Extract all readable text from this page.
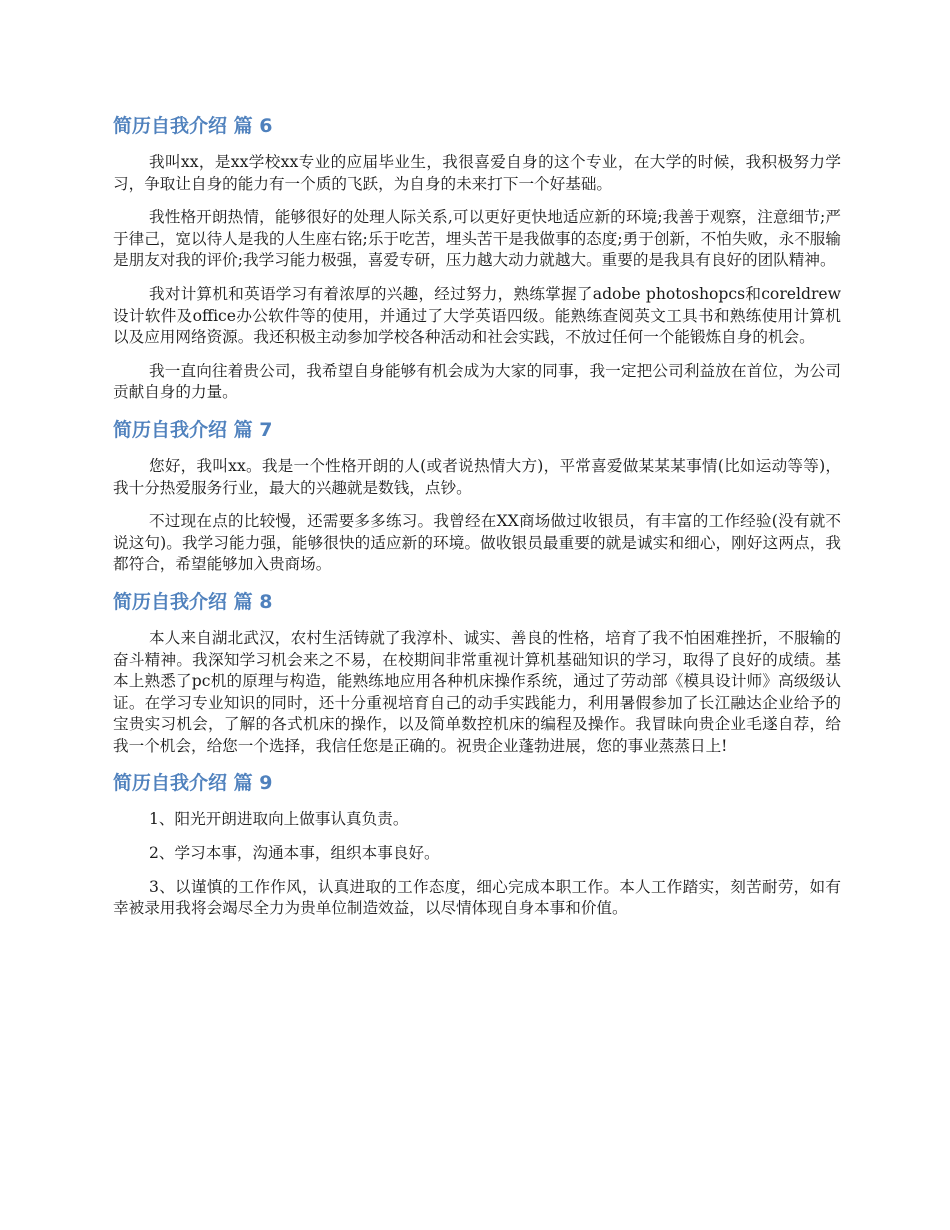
简历自我介绍 篇 6

我叫xx，是xx学校xx专业的应届毕业生，我很喜爱自身的这个专业，在大学的时候，我积极努力学习，争取让自身的能力有一个质的飞跃，为自身的未来打下一个好基础。

我性格开朗热情，能够很好的处理人际关系,可以更好更快地适应新的环境;我善于观察，注意细节;严于律己，宽以待人是我的人生座右铭;乐于吃苦，埋头苦干是我做事的态度;勇于创新，不怕失败，永不服输是朋友对我的评价;我学习能力极强，喜爱专研，压力越大动力就越大。重要的是我具有良好的团队精神。

我对计算机和英语学习有着浓厚的兴趣，经过努力，熟练掌握了adobe photoshopcs和coreldrew设计软件及office办公软件等的使用，并通过了大学英语四级。能熟练查阅英文工具书和熟练使用计算机以及应用网络资源。我还积极主动参加学校各种活动和社会实践，不放过任何一个能锻炼自身的机会。

我一直向往着贵公司，我希望自身能够有机会成为大家的同事，我一定把公司利益放在首位，为公司贡献自身的力量。

简历自我介绍 篇 7

您好，我叫xx。我是一个性格开朗的人(或者说热情大方)，平常喜爱做某某某事情(比如运动等等)，我十分热爱服务行业，最大的兴趣就是数钱，点钞。

不过现在点的比较慢，还需要多多练习。我曾经在XX商场做过收银员，有丰富的工作经验(没有就不说这句)。我学习能力强，能够很快的适应新的环境。做收银员最重要的就是诚实和细心，刚好这两点，我都符合，希望能够加入贵商场。

简历自我介绍 篇 8

本人来自湖北武汉，农村生活铸就了我淳朴、诚实、善良的性格，培育了我不怕困难挫折，不服输的奋斗精神。我深知学习机会来之不易，在校期间非常重视计算机基础知识的学习，取得了良好的成绩。基本上熟悉了pc机的原理与构造，能熟练地应用各种机床操作系统，通过了劳动部《模具设计师》高级级认证。在学习专业知识的同时，还十分重视培育自己的动手实践能力，利用暑假参加了长江融达企业给予的宝贵实习机会，了解的各式机床的操作，以及简单数控机床的编程及操作。我冒昧向贵企业毛遂自荐，给我一个机会，给您一个选择，我信任您是正确的。祝贵企业蓬勃进展，您的事业蒸蒸日上!

简历自我介绍 篇 9

1、阳光开朗进取向上做事认真负责。

2、学习本事，沟通本事，组织本事良好。

3、以谨慎的工作作风，认真进取的工作态度，细心完成本职工作。本人工作踏实，刻苦耐劳，如有幸被录用我将会竭尽全力为贵单位制造效益，以尽情体现自身本事和价值。
